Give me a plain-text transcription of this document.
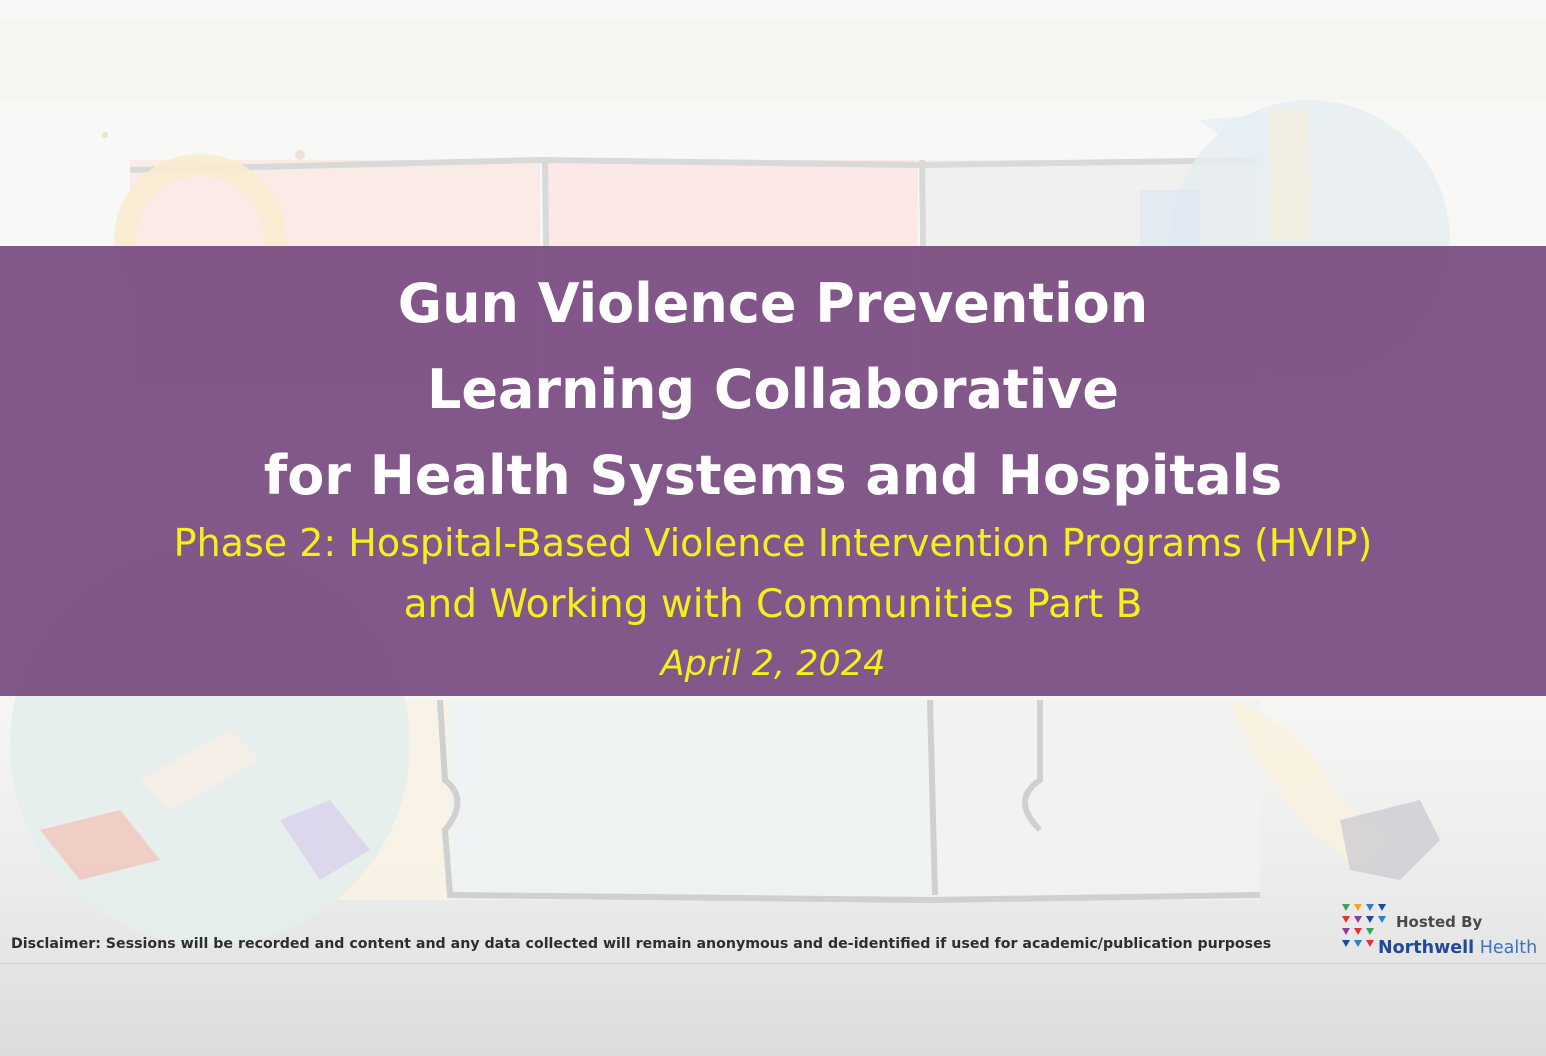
Gun Violence Prevention
Learning Collaborative
for Health Systems and Hospitals
Phase 2: Hospital-Based Violence Intervention Programs (HVIP)
and Working with Communities Part B
April 2, 2024
Disclaimer: Sessions will be recorded and content and any data collected will remain anonymous and de-identified if used for academic/publication purposes
Hosted By
Northwell Health
